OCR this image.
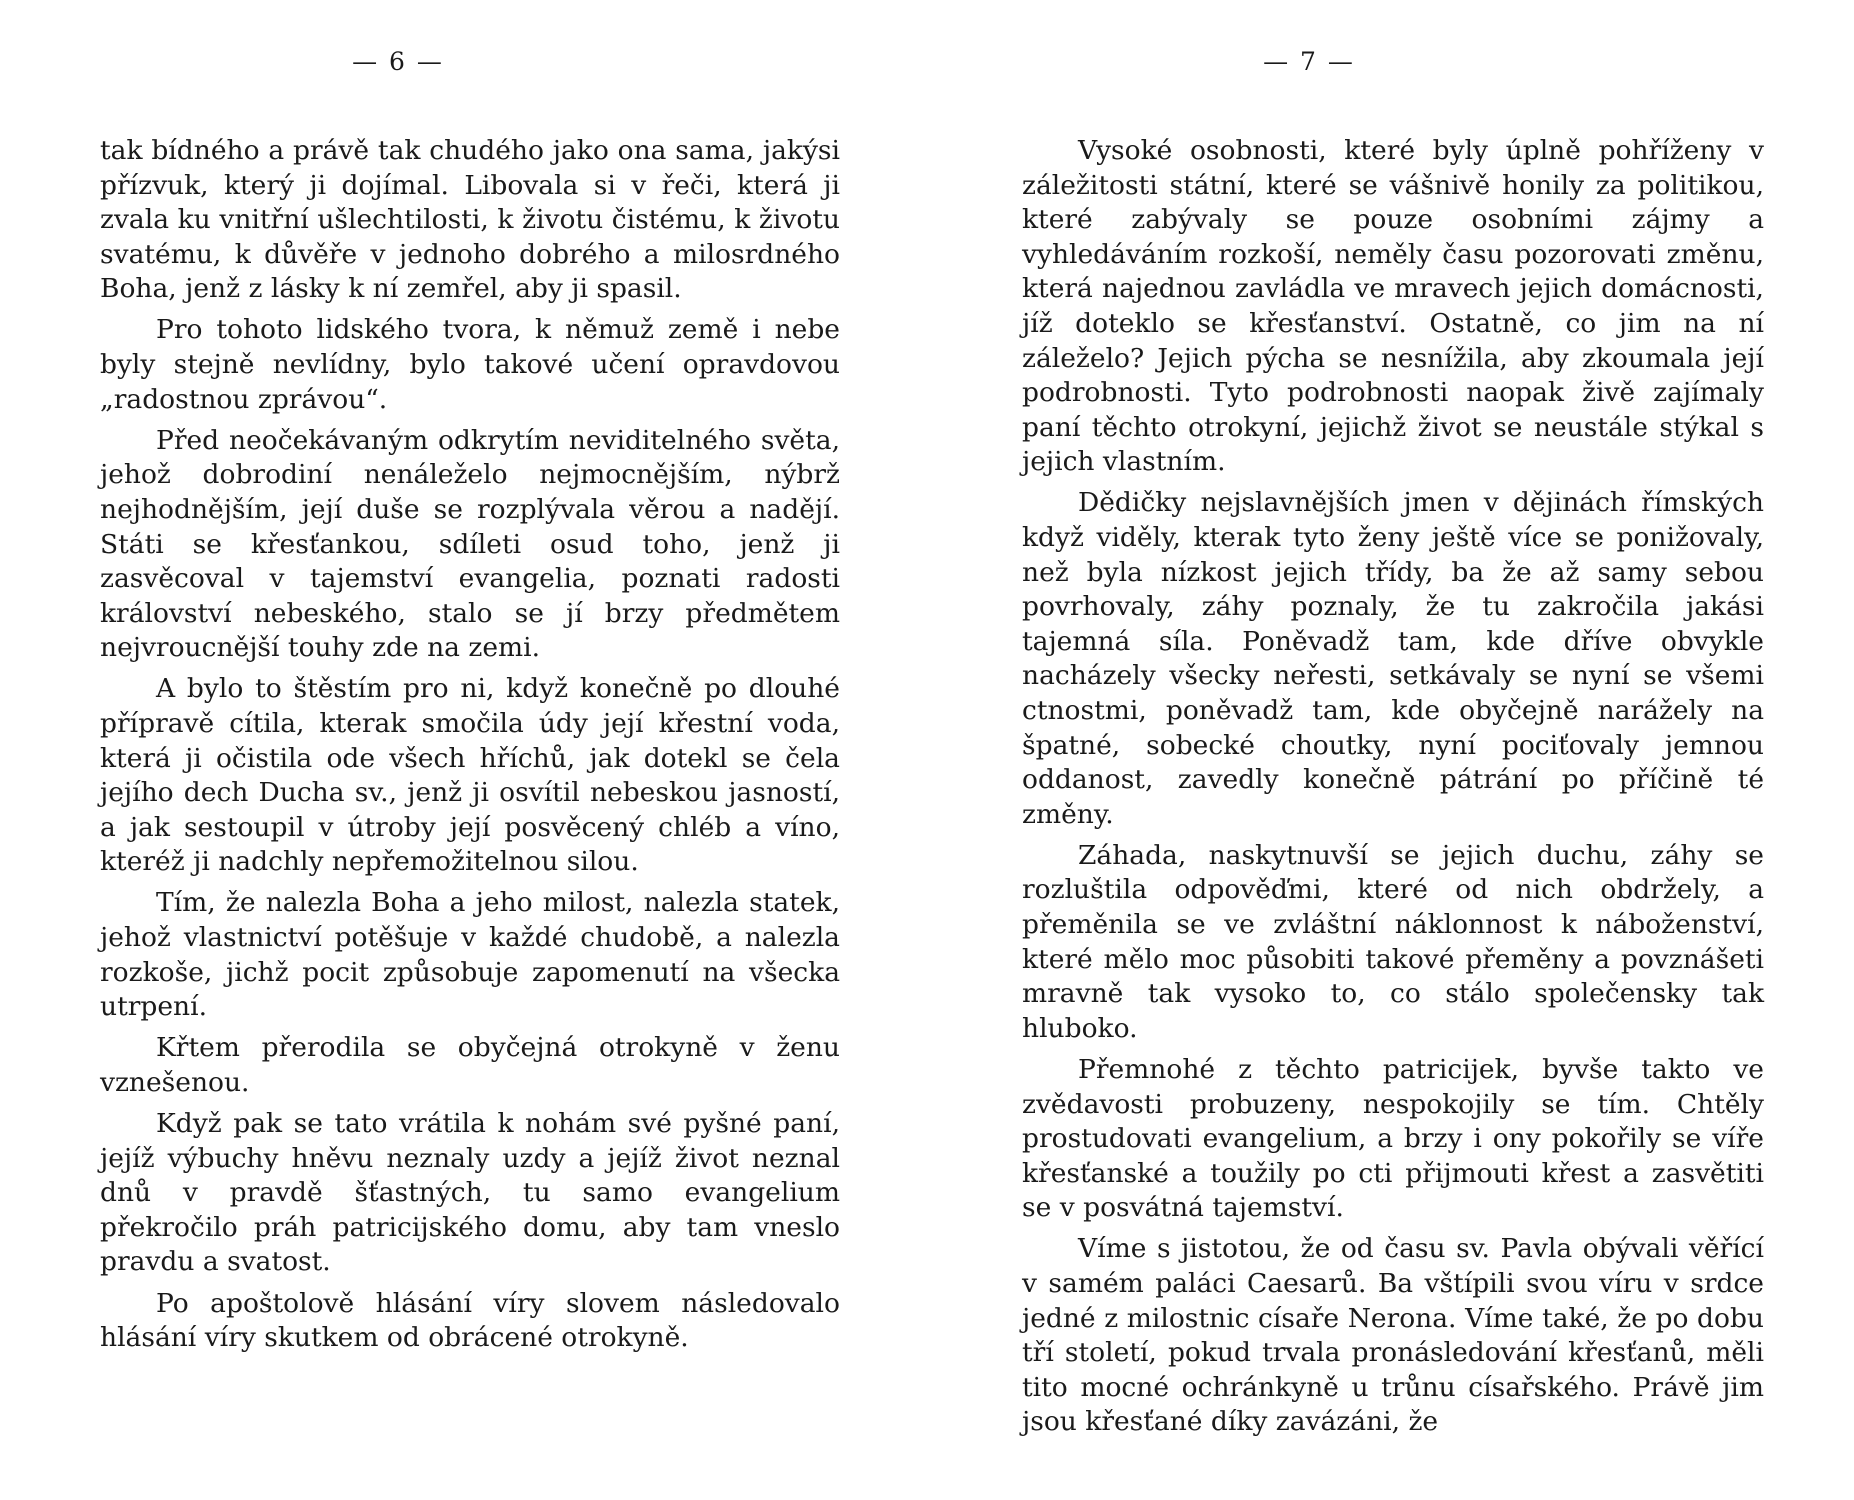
— 6 —

tak bídného a právě tak chudého jako ona sama, jakýsi přízvuk, který ji dojímal. Libovala si v řeči, která ji zvala ku vnitřní ušlechtilosti, k životu čistému, k životu svatému, k důvěře v jednoho dobrého a milosrdného Boha, jenž z lásky k ní zemřel, aby ji spasil.

Pro tohoto lidského tvora, k němuž země i nebe byly stejně nevlídny, bylo takové učení opravdovou „radostnou zprávou“.

Před neočekávaným odkrytím neviditelného světa, jehož dobrodiní nenáleželo nejmocnějším, nýbrž nejhodnějším, její duše se rozplývala věrou a nadějí. Státi se křesťankou, sdíleti osud toho, jenž ji zasvěcoval v tajemství evangelia, poznati radosti království nebeského, stalo se jí brzy předmětem nejvroucnější touhy zde na zemi.

A bylo to štěstím pro ni, když konečně po dlouhé přípravě cítila, kterak smočila údy její křestní voda, která ji očistila ode všech hříchů, jak dotekl se čela jejího dech Ducha sv., jenž ji osvítil nebeskou jasností, a jak sestoupil v útroby její posvěcený chléb a víno, kteréž ji nadchly nepřemožitelnou silou.

Tím, že nalezla Boha a jeho milost, nalezla statek, jehož vlastnictví potěšuje v každé chudobě, a nalezla rozkoše, jichž pocit způsobuje zapomenutí na všecka utrpení.

Křtem přerodila se obyčejná otrokyně v ženu vznešenou.

Když pak se tato vrátila k nohám své pyšné paní, jejíž výbuchy hněvu neznaly uzdy a jejíž život neznal dnů v pravdě šťastných, tu samo evangelium překročilo práh patricijského domu, aby tam vneslo pravdu a svatost.

Po apoštolově hlásání víry slovem následovalo hlásání víry skutkem od obrácené otrokyně.

— 7 —

Vysoké osobnosti, které byly úplně pohříženy v záležitosti státní, které se vášnivě honily za politikou, které zabývaly se pouze osobními zájmy a vyhledáváním rozkoší, neměly času pozorovati změnu, která najednou zavládla ve mravech jejich domácnosti, jíž doteklo se křesťanství. Ostatně, co jim na ní záleželo? Jejich pýcha se nesnížila, aby zkoumala její podrobnosti. Tyto podrobnosti naopak živě zajímaly paní těchto otrokyní, jejichž život se neustále stýkal s jejich vlastním.

Dědičky nejslavnějších jmen v dějinách římských když viděly, kterak tyto ženy ještě více se ponižovaly, než byla nízkost jejich třídy, ba že až samy sebou povrhovaly, záhy poznaly, že tu zakročila jakási tajemná síla. Poněvadž tam, kde dříve obvykle nacházely všecky neřesti, setkávaly se nyní se všemi ctnostmi, poněvadž tam, kde obyčejně narážely na špatné, sobecké choutky, nyní pociťovaly jemnou oddanost, zavedly konečně pátrání po příčině té změny.

Záhada, naskytnuvší se jejich duchu, záhy se rozluštila odpověďmi, které od nich obdržely, a přeměnila se ve zvláštní náklonnost k náboženství, které mělo moc působiti takové přeměny a povznášeti mravně tak vysoko to, co stálo společensky tak hluboko.

Přemnohé z těchto patricijek, byvše takto ve zvědavosti probuzeny, nespokojily se tím. Chtěly prostudovati evangelium, a brzy i ony pokořily se víře křesťanské a toužily po cti přijmouti křest a zasvětiti se v posvátná tajemství.

Víme s jistotou, že od času sv. Pavla obývali věřící v samém paláci Caesarů. Ba vštípili svou víru v srdce jedné z milostnic císaře Nerona. Víme také, že po dobu tří století, pokud trvala pronásledování křesťanů, měli tito mocné ochránkyně u trůnu císařského. Právě jim jsou křesťané díky zavázáni, že
